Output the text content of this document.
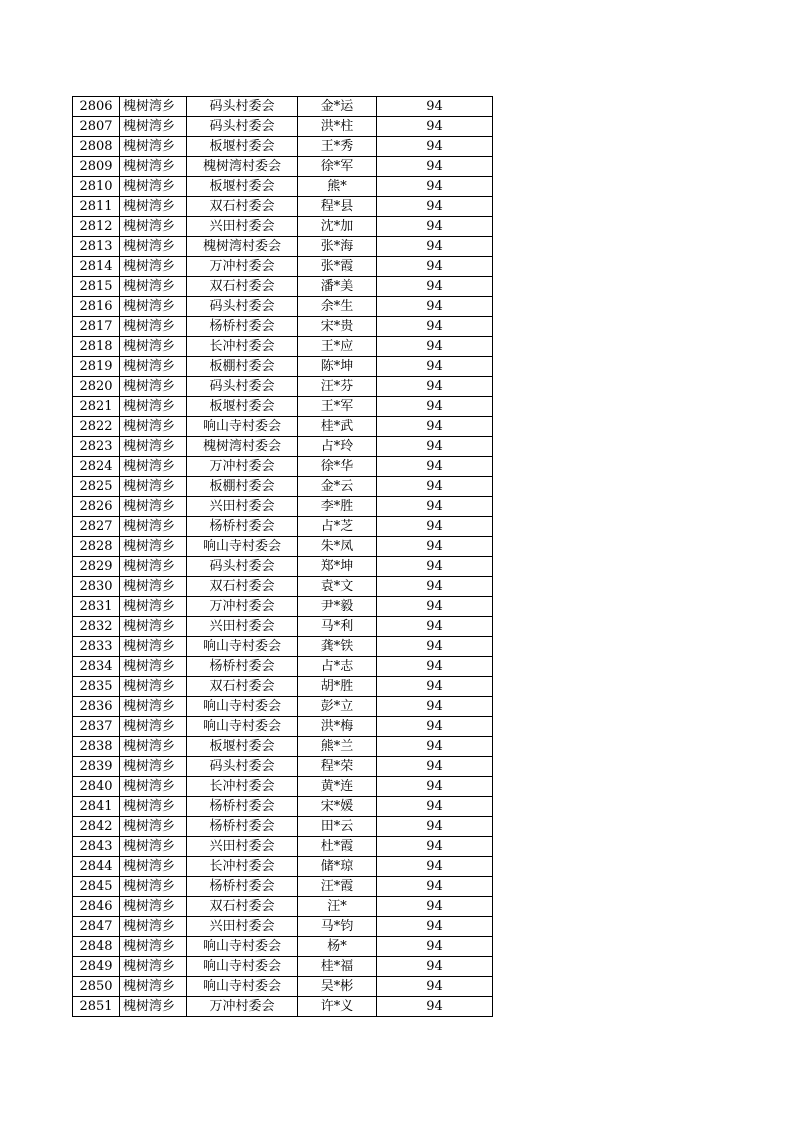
2806	槐树湾乡	码头村委会	金*运	94
2807	槐树湾乡	码头村委会	洪*柱	94
2808	槐树湾乡	板堰村委会	王*秀	94
2809	槐树湾乡	槐树湾村委会	徐*军	94
2810	槐树湾乡	板堰村委会	熊*	94
2811	槐树湾乡	双石村委会	程*县	94
2812	槐树湾乡	兴田村委会	沈*加	94
2813	槐树湾乡	槐树湾村委会	张*海	94
2814	槐树湾乡	万冲村委会	张*霞	94
2815	槐树湾乡	双石村委会	潘*美	94
2816	槐树湾乡	码头村委会	余*生	94
2817	槐树湾乡	杨桥村委会	宋*贵	94
2818	槐树湾乡	长冲村委会	王*应	94
2819	槐树湾乡	板棚村委会	陈*坤	94
2820	槐树湾乡	码头村委会	汪*芬	94
2821	槐树湾乡	板堰村委会	王*军	94
2822	槐树湾乡	响山寺村委会	桂*武	94
2823	槐树湾乡	槐树湾村委会	占*玲	94
2824	槐树湾乡	万冲村委会	徐*华	94
2825	槐树湾乡	板棚村委会	金*云	94
2826	槐树湾乡	兴田村委会	李*胜	94
2827	槐树湾乡	杨桥村委会	占*芝	94
2828	槐树湾乡	响山寺村委会	朱*凤	94
2829	槐树湾乡	码头村委会	郑*坤	94
2830	槐树湾乡	双石村委会	袁*文	94
2831	槐树湾乡	万冲村委会	尹*毅	94
2832	槐树湾乡	兴田村委会	马*利	94
2833	槐树湾乡	响山寺村委会	龚*铁	94
2834	槐树湾乡	杨桥村委会	占*志	94
2835	槐树湾乡	双石村委会	胡*胜	94
2836	槐树湾乡	响山寺村委会	彭*立	94
2837	槐树湾乡	响山寺村委会	洪*梅	94
2838	槐树湾乡	板堰村委会	熊*兰	94
2839	槐树湾乡	码头村委会	程*荣	94
2840	槐树湾乡	长冲村委会	黄*连	94
2841	槐树湾乡	杨桥村委会	宋*媛	94
2842	槐树湾乡	杨桥村委会	田*云	94
2843	槐树湾乡	兴田村委会	杜*霞	94
2844	槐树湾乡	长冲村委会	储*琼	94
2845	槐树湾乡	杨桥村委会	汪*霞	94
2846	槐树湾乡	双石村委会	汪*	94
2847	槐树湾乡	兴田村委会	马*钧	94
2848	槐树湾乡	响山寺村委会	杨*	94
2849	槐树湾乡	响山寺村委会	桂*福	94
2850	槐树湾乡	响山寺村委会	吴*彬	94
2851	槐树湾乡	万冲村委会	许*义	94
